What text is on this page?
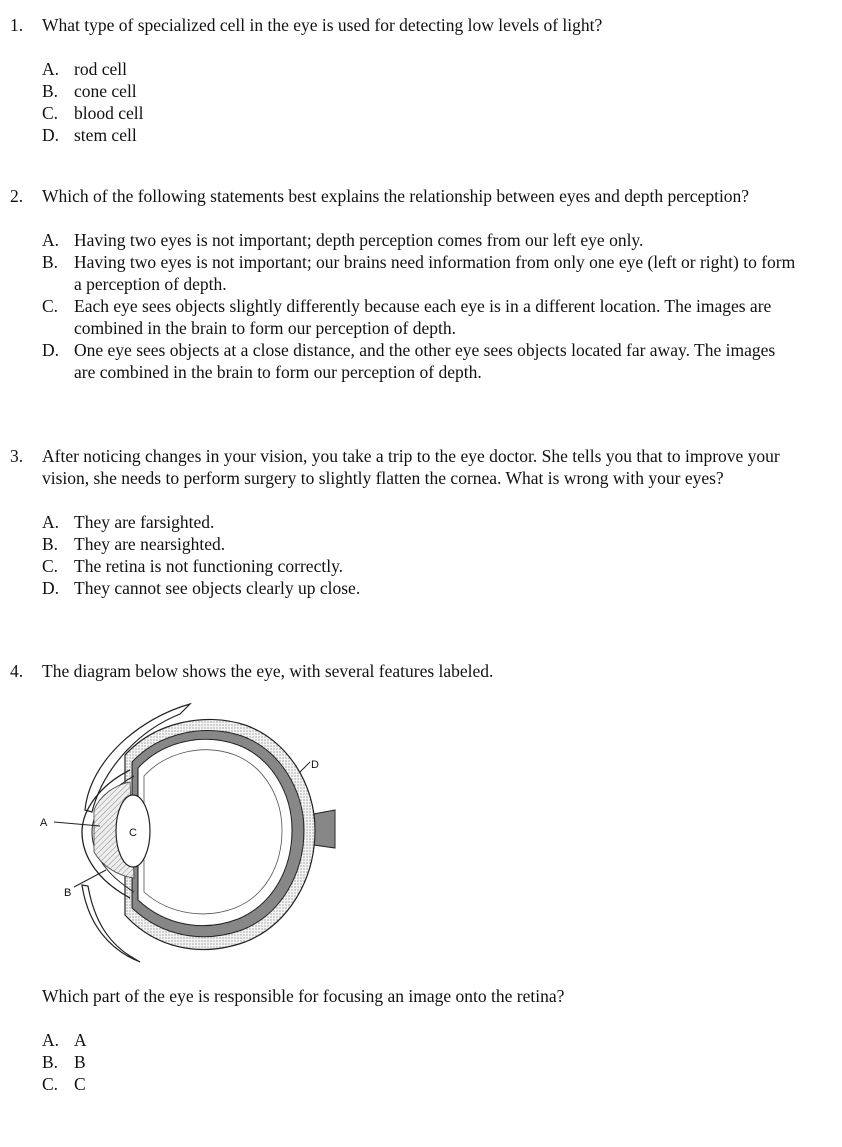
1.	What type of specialized cell in the eye is used for detecting low levels of light?
A. rod cell
B. cone cell
C. blood cell
D. stem cell
2.	Which of the following statements best explains the relationship between eyes and depth perception?
A. Having two eyes is not important; depth perception comes from our left eye only.
B. Having two eyes is not important; our brains need information from only one eye (left or right) to form a perception of depth.
C. Each eye sees objects slightly differently because each eye is in a different location. The images are combined in the brain to form our perception of depth.
D. One eye sees objects at a close distance, and the other eye sees objects located far away. The images are combined in the brain to form our perception of depth.
3.	After noticing changes in your vision, you take a trip to the eye doctor. She tells you that to improve your vision, she needs to perform surgery to slightly flatten the cornea. What is wrong with your eyes?
A. They are farsighted.
B. They are nearsighted.
C. The retina is not functioning correctly.
D. They cannot see objects clearly up close.
4.	The diagram below shows the eye, with several features labeled.
A
B
C
D
Which part of the eye is responsible for focusing an image onto the retina?
A. A
B. B
C. C
